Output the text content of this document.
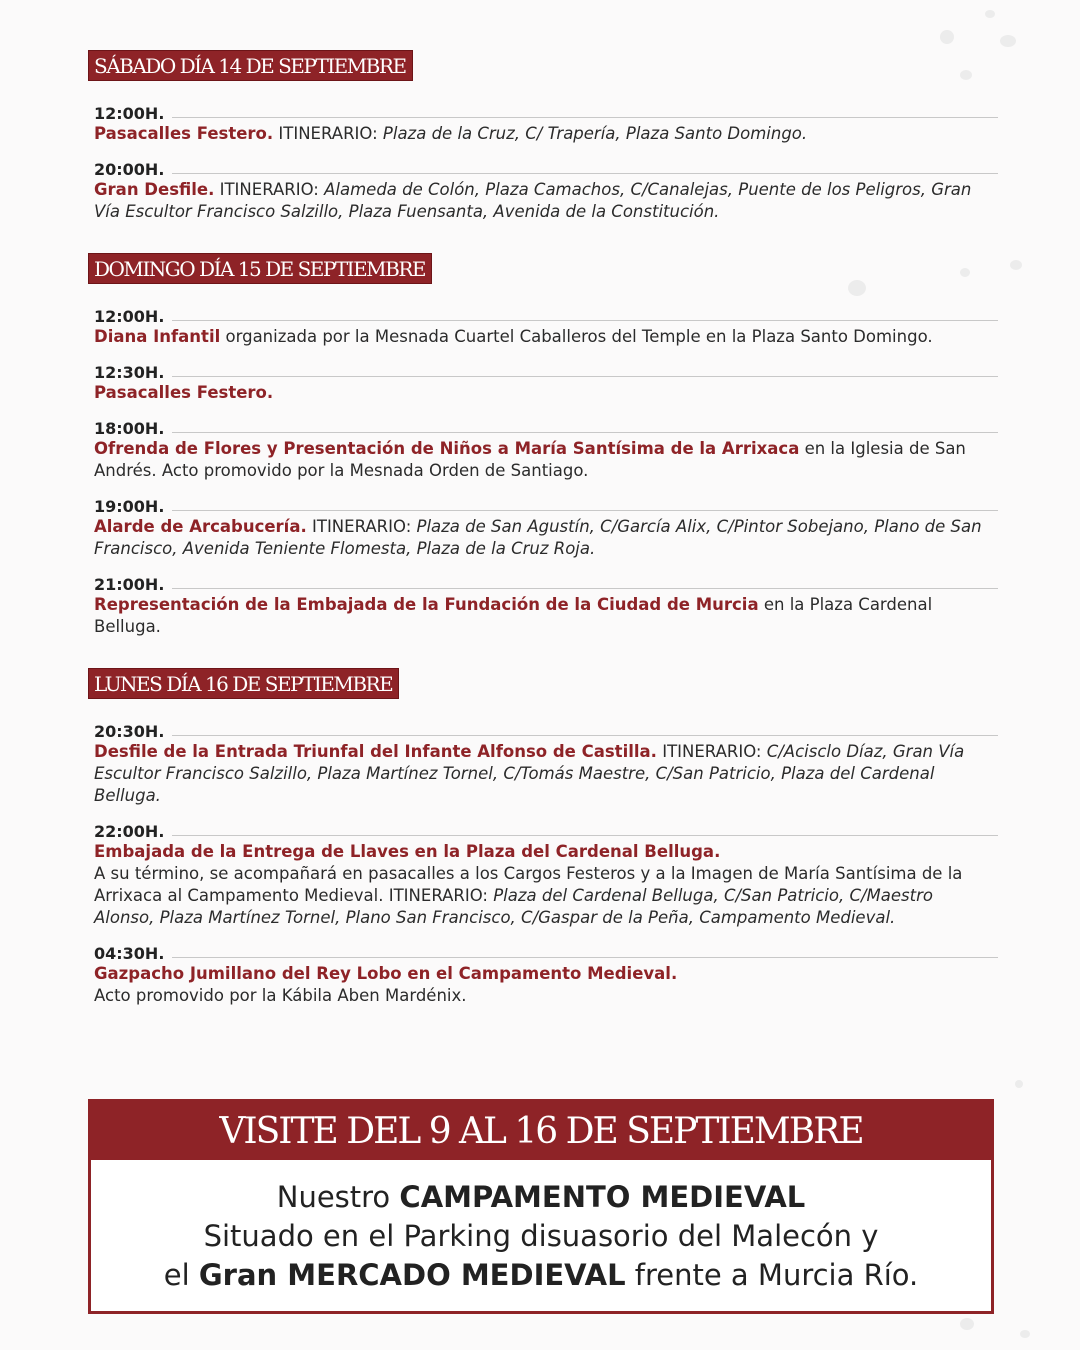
SÁBADO DÍA 14 DE SEPTIEMBRE
12:00H.

Pasacalles Festero. ITINERARIO: Plaza de la Cruz, C/ Trapería, Plaza Santo Domingo.

20:00H.

Gran Desfile. ITINERARIO: Alameda de Colón, Plaza Camachos, C/Canalejas, Puente de los Peligros, Gran Vía Escultor Francisco Salzillo, Plaza Fuensanta, Avenida de la Constitución.

DOMINGO DÍA 15 DE SEPTIEMBRE
12:00H.

Diana Infantil organizada por la Mesnada Cuartel Caballeros del Temple en la Plaza Santo Domingo.

12:30H.

Pasacalles Festero.

18:00H.

Ofrenda de Flores y Presentación de Niños a María Santísima de la Arrixaca en la Iglesia de San Andrés. Acto promovido por la Mesnada Orden de Santiago.

19:00H.

Alarde de Arcabucería. ITINERARIO: Plaza de San Agustín, C/García Alix, C/Pintor Sobejano, Plano de San Francisco, Avenida Teniente Flomesta, Plaza de la Cruz Roja.

21:00H.

Representación de la Embajada de la Fundación de la Ciudad de Murcia en la Plaza Cardenal Belluga.

LUNES DÍA 16 DE SEPTIEMBRE
20:30H.

Desfile de la Entrada Triunfal del Infante Alfonso de Castilla. ITINERARIO: C/Acisclo Díaz, Gran Vía Escultor Francisco Salzillo, Plaza Martínez Tornel, C/Tomás Maestre, C/San Patricio, Plaza del Cardenal Belluga.

22:00H.

Embajada de la Entrega de Llaves en la Plaza del Cardenal Belluga.
A su término, se acompañará en pasacalles a los Cargos Festeros y a la Imagen de María Santísima de la Arrixaca al Campamento Medieval. ITINERARIO: Plaza del Cardenal Belluga, C/San Patricio, C/Maestro Alonso, Plaza Martínez Tornel, Plano San Francisco, C/Gaspar de la Peña, Campamento Medieval.

04:30H.

Gazpacho Jumillano del Rey Lobo en el Campamento Medieval.
Acto promovido por la Kábila Aben Mardénix.

VISITE DEL 9 AL 16 DE SEPTIEMBRE
Nuestro CAMPAMENTO MEDIEVAL
Situado en el Parking disuasorio del Malecón y
el Gran MERCADO MEDIEVAL frente a Murcia Río.
